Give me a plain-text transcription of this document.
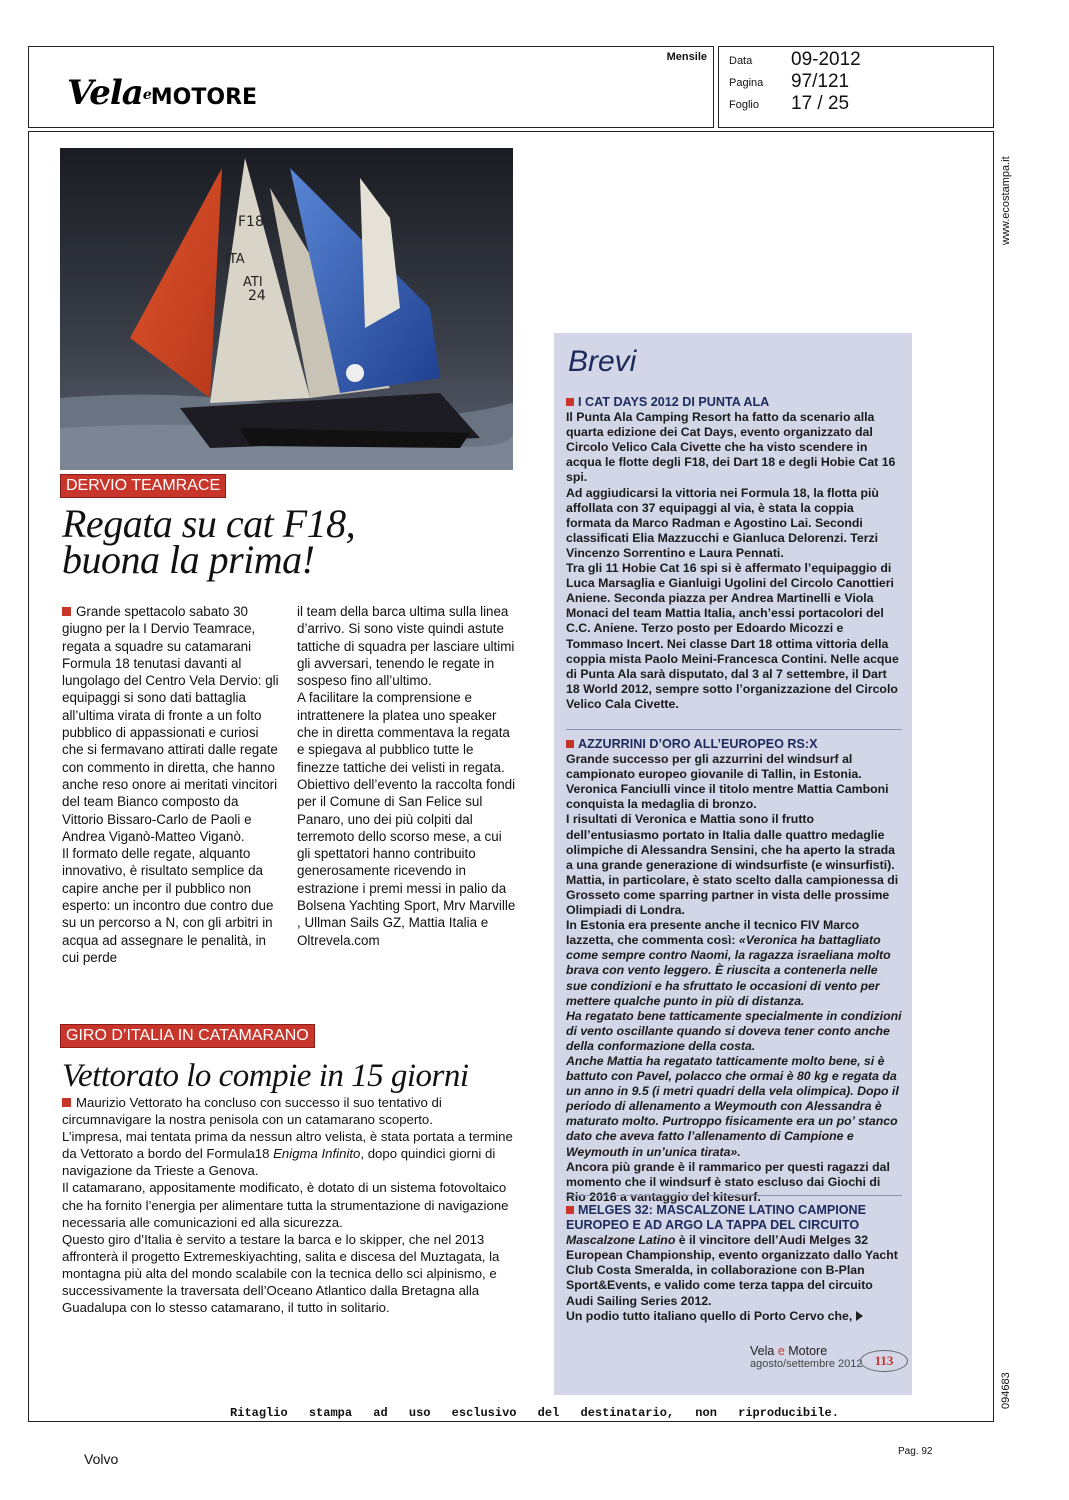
VelaeMOTORE
Mensile Data 09-2012
Pagina 97/121
Foglio 17 / 25
www.ecostampa.it
094683
F18
ITA
ATI
24
DERVIO TEAMRACE
Regata su cat F18,
buona la prima!

Grande spettacolo sabato 30 giugno per la I Dervio Teamrace, regata a squadre su catamarani Formula 18 tenutasi davanti al lungolago del Centro Vela Dervio: gli equipaggi si sono dati battaglia all’ultima virata di fronte a un folto pubblico di appassionati e curiosi che si fermavano attirati dalle regate con commento in diretta, che hanno anche reso onore ai meritati vincitori del team Bianco composto da Vittorio Bissaro-Carlo de Paoli e Andrea Viganò-Matteo Viganò.

Il formato delle regate, alquanto innovativo, è risultato semplice da capire anche per il pubblico non esperto: un incontro due contro due su un percorso a N, con gli arbitri in acqua ad assegnare le penalità, in cui perde

il team della barca ultima sulla linea d’arrivo. Si sono viste quindi astute tattiche di squadra per lasciare ultimi gli avversari, tenendo le regate in sospeso fino all’ultimo.

A facilitare la comprensione e intrattenere la platea uno speaker che in diretta commentava la regata e spiegava al pubblico tutte le finezze tattiche dei velisti in regata.

Obiettivo dell’evento la raccolta fondi per il Comune di San Felice sul Panaro, uno dei più colpiti dal terremoto dello scorso mese, a cui gli spettatori hanno contribuito generosamente ricevendo in estrazione i premi messi in palio da Bolsena Yachting Sport, Mrv Marville , Ullman Sails GZ, Mattia Italia e Oltrevela.com

GIRO D’ITALIA IN CATAMARANO
Vettorato lo compie in 15 giorni

Maurizio Vettorato ha concluso con successo il suo tentativo di circumnavigare la nostra penisola con un catamarano scoperto.

L’impresa, mai tentata prima da nessun altro velista, è stata portata a termine da Vettorato a bordo del Formula18 Enigma Infinito, dopo quindici giorni di navigazione da Trieste a Genova.

Il catamarano, appositamente modificato, è dotato di un sistema fotovoltaico che ha fornito l’energia per alimentare tutta la strumentazione di navigazione necessaria alle comunicazioni ed alla sicurezza.

Questo giro d’Italia è servito a testare la barca e lo skipper, che nel 2013 affronterà il progetto Extremeskiyachting, salita e discesa del Muztagata, la montagna più alta del mondo scalabile con la tecnica dello sci alpinismo, e successivamente la traversata dell’Oceano Atlantico dalla Bretagna alla Guadalupa con lo stesso catamarano, il tutto in solitario.

Brevi

I CAT DAYS 2012 DI PUNTA ALA

Il Punta Ala Camping Resort ha fatto da scenario alla quarta edizione dei Cat Days, evento organizzato dal Circolo Velico Cala Civette che ha visto scendere in acqua le flotte degli F18, dei Dart 18 e degli Hobie Cat 16 spi.

Ad aggiudicarsi la vittoria nei Formula 18, la flotta più affollata con 37 equipaggi al via, è stata la coppia formata da Marco Radman e Agostino Lai. Secondi classificati Elia Mazzucchi e Gianluca Delorenzi. Terzi Vincenzo Sorrentino e Laura Pennati.

Tra gli 11 Hobie Cat 16 spi si è affermato l’equipaggio di Luca Marsaglia e Gianluigi Ugolini del Circolo Canottieri Aniene. Seconda piazza per Andrea Martinelli e Viola Monaci del team Mattia Italia, anch’essi portacolori del C.C. Aniene. Terzo posto per Edoardo Micozzi e Tommaso Incert. Nei classe Dart 18 ottima vittoria della coppia mista Paolo Meini-Francesca Contini. Nelle acque di Punta Ala sarà disputato, dal 3 al 7 settembre, il Dart 18 World 2012, sempre sotto l’organizzazione del Circolo Velico Cala Civette.

AZZURRINI D’ORO ALL’EUROPEO RS:X

Grande successo per gli azzurrini del windsurf al campionato europeo giovanile di Tallin, in Estonia. Veronica Fanciulli vince il titolo mentre Mattia Camboni conquista la medaglia di bronzo.

I risultati di Veronica e Mattia sono il frutto dell’entusiasmo portato in Italia dalle quattro medaglie olimpiche di Alessandra Sensini, che ha aperto la strada a una grande generazione di windsurfiste (e winsurfisti). Mattia, in particolare, è stato scelto dalla campionessa di Grosseto come sparring partner in vista delle prossime Olimpiadi di Londra.

In Estonia era presente anche il tecnico FIV Marco Iazzetta, che commenta così: «Veronica ha battagliato come sempre contro Naomi, la ragazza israeliana molto brava con vento leggero. È riuscita a contenerla nelle sue condizioni e ha sfruttato le occasioni di vento per mettere qualche punto in più di distanza.

Ha regatato bene tatticamente specialmente in condizioni di vento oscillante quando si doveva tener conto anche della conformazione della costa.

Anche Mattia ha regatato tatticamente molto bene, si è battuto con Pavel, polacco che ormai è 80 kg e regata da un anno in 9.5 (i metri quadri della vela olimpica). Dopo il periodo di allenamento a Weymouth con Alessandra è maturato molto. Purtroppo fisicamente era un po’ stanco dato che aveva fatto l’allenamento di Campione e Weymouth in un’unica tirata».

Ancora più grande è il rammarico per questi ragazzi dal momento che il windsurf è stato escluso dai Giochi di Rio 2016 a vantaggio del kitesurf.

MELGES 32: MASCALZONE LATINO CAMPIONE EUROPEO E AD ARGO LA TAPPA DEL CIRCUITO

Mascalzone Latino è il vincitore dell’Audi Melges 32 European Championship, evento organizzato dallo Yacht Club Costa Smeralda, in collaborazione con B-Plan Sport&Events, e valido come terza tappa del circuito Audi Sailing Series 2012.

Un podio tutto italiano quello di Porto Cervo che,

Vela e Motore
agosto/settembre 2012 113
Ritaglio stampa ad uso esclusivo del destinatario, non riproducibile.
Volvo	Pag. 92
